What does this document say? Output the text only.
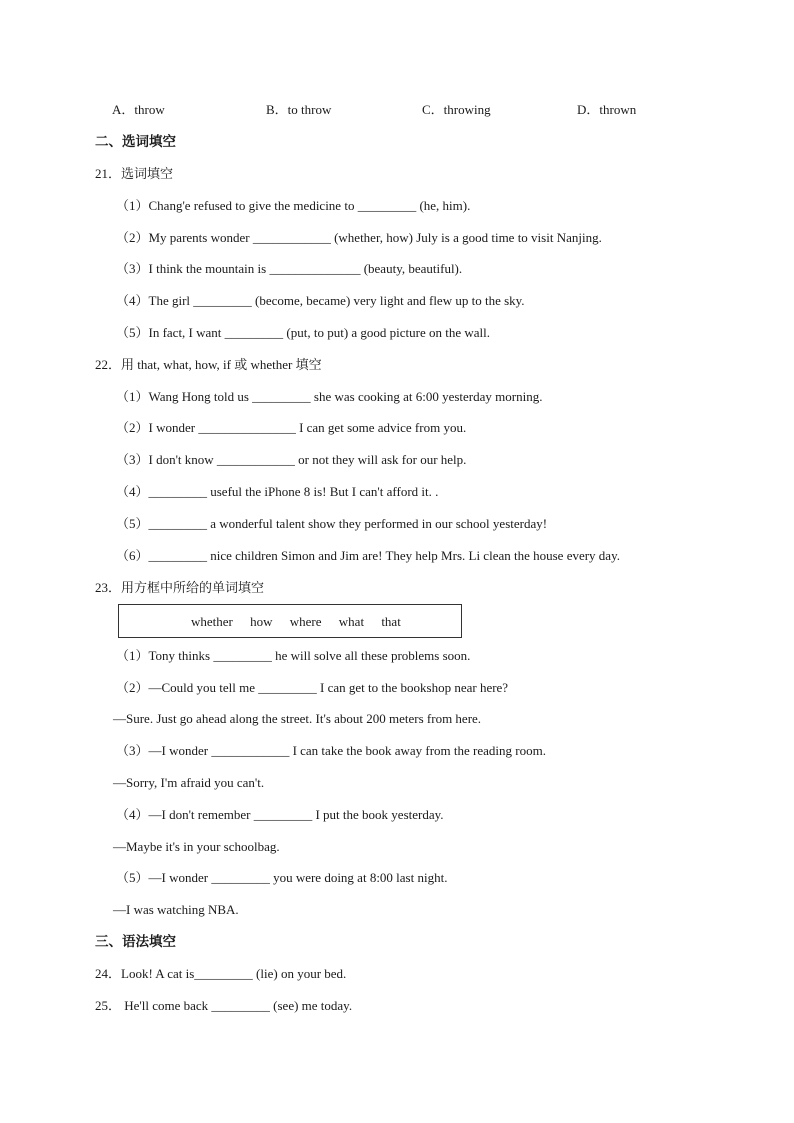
A．throw	B．to throw	C．throwing	D．thrown
二、选词填空
21．选词填空
（1）Chang'e refused to give the medicine to _________ (he, him).
（2）My parents wonder ____________ (whether, how) July is a good time to visit Nanjing.
（3）I think the mountain is ______________ (beauty, beautiful).
（4）The girl _________ (become, became) very light and flew up to the sky.
（5）In fact, I want _________ (put, to put) a good picture on the wall.
22．用 that, what, how, if 或 whether 填空
（1）Wang Hong told us _________ she was cooking at 6:00 yesterday morning.
（2）I wonder _______________ I can get some advice from you.
（3）I don't know ____________ or not they will ask for our help.
（4）_________ useful the iPhone 8 is! But I can't afford it. .
（5）_________ a wonderful talent show they performed in our school yesterday!
（6）_________ nice children Simon and Jim are! They help Mrs. Li clean the house every day.
23．用方框中所给的单词填空
whether how where what that
（1）Tony thinks _________ he will solve all these problems soon.
（2）—Could you tell me _________ I can get to the bookshop near here?
—Sure. Just go ahead along the street. It's about 200 meters from here.
（3）—I wonder ____________ I can take the book away from the reading room.
—Sorry, I'm afraid you can't.
（4）—I don't remember _________ I put the book yesterday.
—Maybe it's in your schoolbag.
（5）—I wonder _________ you were doing at 8:00 last night.
—I was watching NBA.
三、语法填空
24．Look! A cat is_________ (lie) on your bed.
25． He'll come back _________ (see) me today.
